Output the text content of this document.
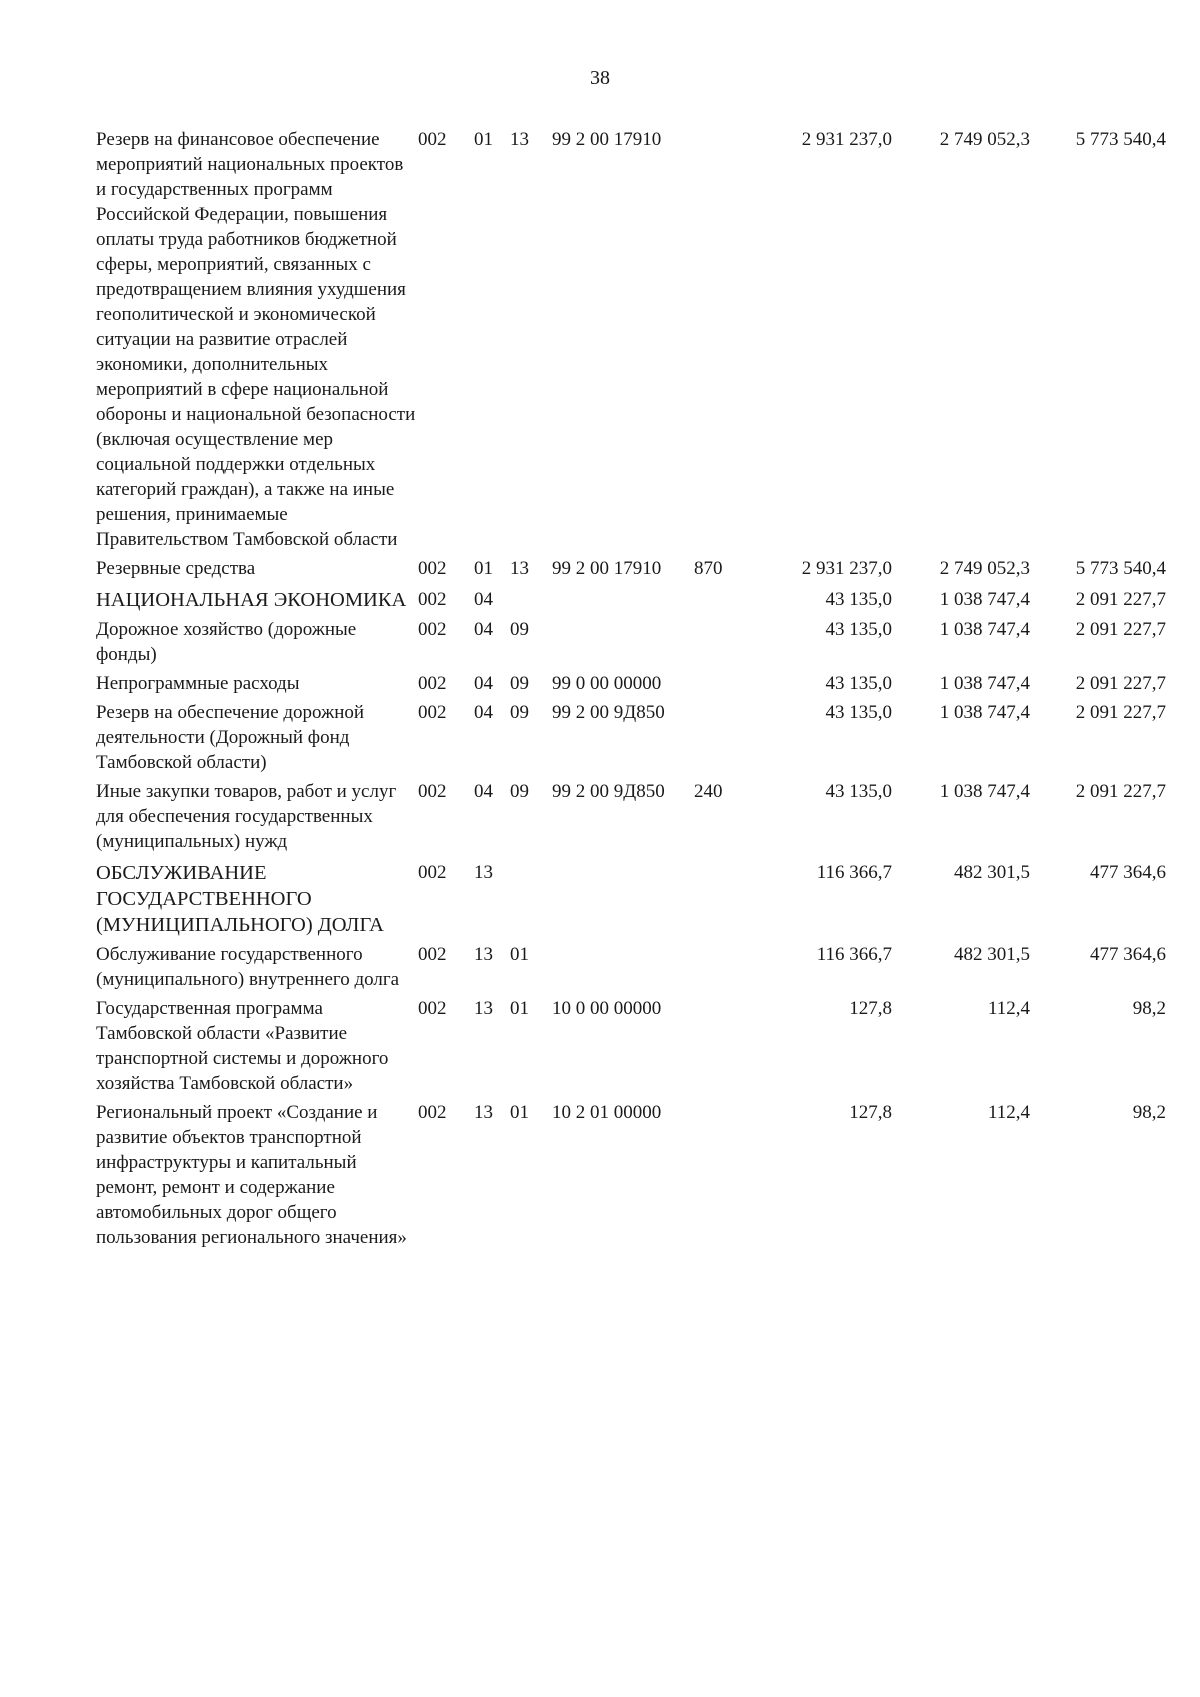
38
Резерв на финансовое обеспечение мероприятий национальных проектов и государственных программ Российской Федерации, повышения оплаты труда работников бюджетной сферы, мероприятий, связанных с предотвращением влияния ухудшения геополитической и экономической ситуации на развитие отраслей экономики, дополнительных мероприятий в сфере национальной обороны и национальной безопасности (включая осуществление мер социальной поддержки отдельных категорий граждан), а также на иные решения, принимаемые Правительством Тамбовской области	002	01	13	99 2 00 17910		2 931 237,0	2 749 052,3	5 773 540,4
Резервные средства	002	01	13	99 2 00 17910	870	2 931 237,0	2 749 052,3	5 773 540,4
НАЦИОНАЛЬНАЯ ЭКОНОМИКА	002	04				43 135,0	1 038 747,4	2 091 227,7
Дорожное хозяйство (дорожные фонды)	002	04	09			43 135,0	1 038 747,4	2 091 227,7
Непрограммные расходы	002	04	09	99 0 00 00000		43 135,0	1 038 747,4	2 091 227,7
Резерв на обеспечение дорожной деятельности (Дорожный фонд Тамбовской области)	002	04	09	99 2 00 9Д850		43 135,0	1 038 747,4	2 091 227,7
Иные закупки товаров, работ и услуг для обеспечения государственных (муниципальных) нужд	002	04	09	99 2 00 9Д850	240	43 135,0	1 038 747,4	2 091 227,7
ОБСЛУЖИВАНИЕ ГОСУДАРСТВЕННОГО (МУНИЦИПАЛЬНОГО) ДОЛГА	002	13				116 366,7	482 301,5	477 364,6
Обслуживание государственного (муниципального) внутреннего долга	002	13	01			116 366,7	482 301,5	477 364,6
Государственная программа Тамбовской области «Развитие транспортной системы и дорожного хозяйства Тамбовской области»	002	13	01	10 0 00 00000		127,8	112,4	98,2
Региональный проект «Создание и развитие объектов транспортной инфраструктуры и капитальный ремонт, ремонт и содержание автомобильных дорог общего пользования регионального значения»	002	13	01	10 2 01 00000		127,8	112,4	98,2
